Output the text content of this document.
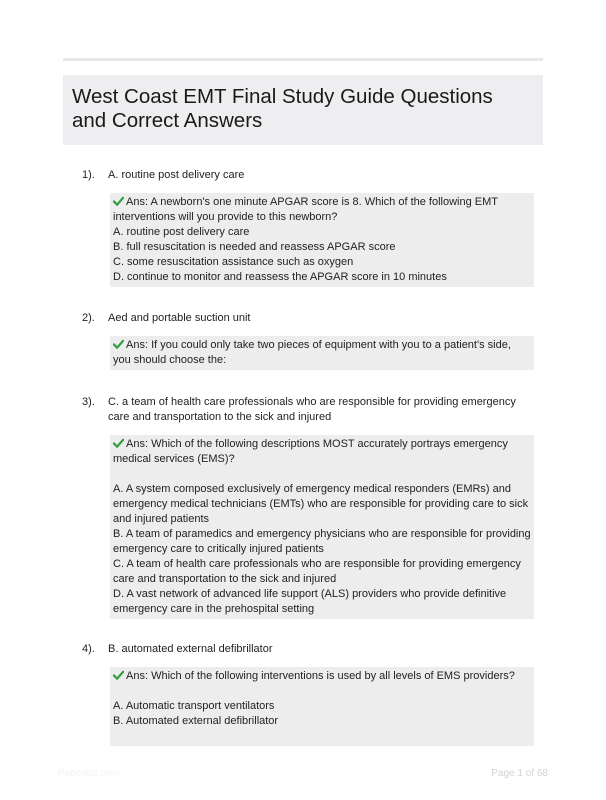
West Coast EMT Final Study Guide Questions and Correct Answers
1). A. routine post delivery care
Ans: A newborn's one minute APGAR score is 8. Which of the following EMT interventions will you provide to this newborn?
A. routine post delivery care
B. full resuscitation is needed and reassess APGAR score
C. some resuscitation assistance such as oxygen
D. continue to monitor and reassess the APGAR score in 10 minutes
2). Aed and portable suction unit
Ans: If you could only take two pieces of equipment with you to a patient's side, you should choose the:
3). C. a team of health care professionals who are responsible for providing emergency care and transportation to the sick and injured
Ans: Which of the following descriptions MOST accurately portrays emergency medical services (EMS)?
A. A system composed exclusively of emergency medical responders (EMRs) and emergency medical technicians (EMTs) who are responsible for providing care to sick and injured patients
B. A team of paramedics and emergency physicians who are responsible for providing emergency care to critically injured patients
C. A team of health care professionals who are responsible for providing emergency care and transportation to the sick and injured
D. A vast network of advanced life support (ALS) providers who provide definitive emergency care in the prehospital setting
4). B. automated external defibrillator
Ans: Which of the following interventions is used by all levels of EMS providers?
A. Automatic transport ventilators
B. Automated external defibrillator
Paperlibt.com	Page 1 of 68
